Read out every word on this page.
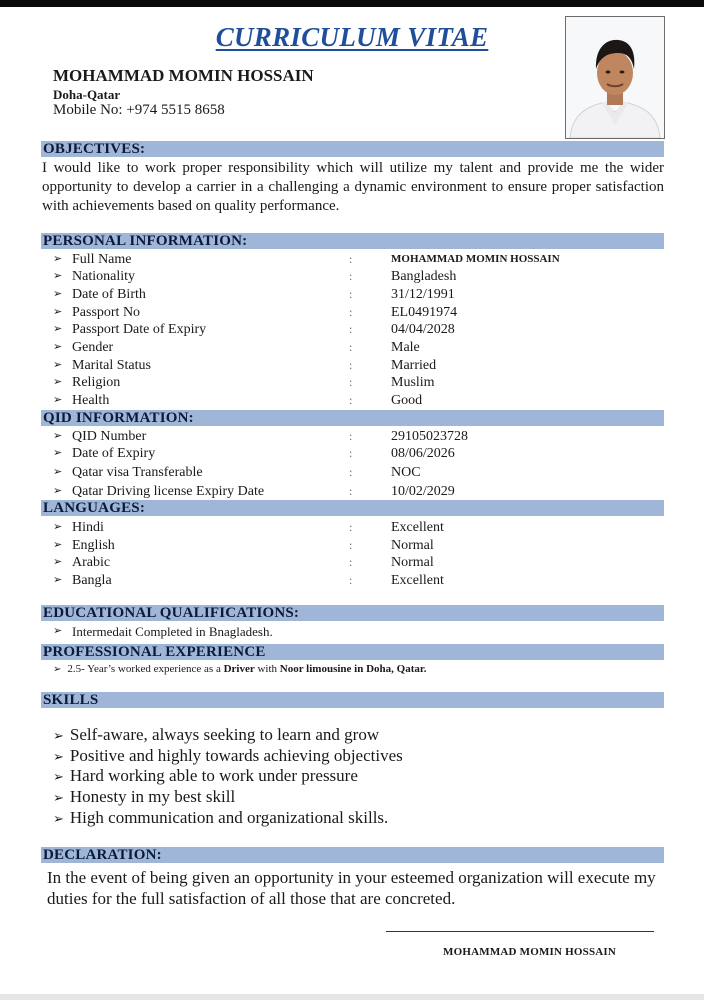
CURRICULUM VITAE
MOHAMMAD MOMIN HOSSAIN
Doha-Qatar
Mobile No: +974 5515 8658
OBJECTIVES:
I would like to work proper responsibility which will utilize my talent and provide me the wider opportunity to develop a carrier in a challenging a dynamic environment to ensure proper satisfaction with achievements based on quality performance.
PERSONAL INFORMATION:
➢ Full Name	:	MOHAMMAD MOMIN HOSSAIN
➢ Nationality	:	Bangladesh
➢ Date of Birth	:	31/12/1991
➢ Passport No	:	EL0491974
➢ Passport Date of Expiry	:	04/04/2028
➢ Gender	:	Male
➢ Marital Status	:	Married
➢ Religion	:	Muslim
➢ Health	:	Good
QID INFORMATION:
➢ QID Number	:	29105023728
➢ Date of Expiry	:	08/06/2026
➢ Qatar visa Transferable	:	NOC
➢ Qatar Driving license Expiry Date	:	10/02/2029
LANGUAGES:
➢ Hindi	:	Excellent
➢ English	:	Normal
➢ Arabic	:	Normal
➢ Bangla	:	Excellent
EDUCATIONAL QUALIFICATIONS:
➢ Intermedait Completed in Bnagladesh.
PROFESSIONAL EXPERIENCE
➢ 2.5- Year’s worked experience as a Driver with Noor limousine in Doha, Qatar.
SKILLS
➢ Self-aware, always seeking to learn and grow
➢ Positive and highly towards achieving objectives
➢ Hard working able to work under pressure
➢ Honesty in my best skill
➢ High communication and organizational skills.
DECLARATION:
In the event of being given an opportunity in your esteemed organization will execute my duties for the full satisfaction of all those that are concreted.
MOHAMMAD MOMIN HOSSAIN
